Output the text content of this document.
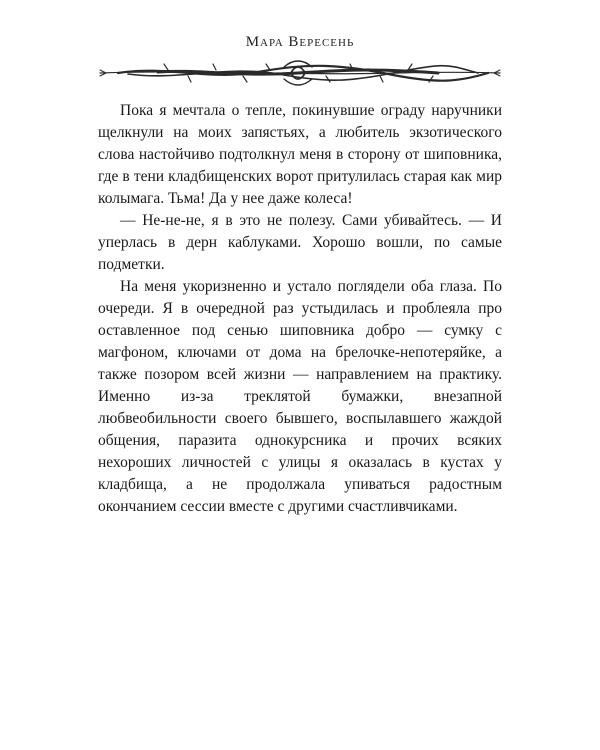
Мара Вересень

Пока я мечтала о тепле, покинувшие ограду наручники щелкнули на моих запястьях, а любитель экзотического слова настойчиво подтолкнул меня в сторону от шиповника, где в тени кладбищенских ворот притулилась старая как мир колымага. Тьма! Да у нее даже колеса!

— Не-не-не, я в это не полезу. Сами убивайтесь. — И уперлась в дерн каблуками. Хорошо вошли, по самые подметки.

На меня укоризненно и устало поглядели оба глаза. По очереди. Я в очередной раз устыдилась и проблеяла про оставленное под сенью шиповника добро — сумку с магфоном, ключами от дома на брелочке-непотеряйке, а также позором всей жизни — направлением на практику. Именно из-за треклятой бумажки, внезапной любвеобильности своего бывшего, воспылавшего жаждой общения, паразита однокурсника и прочих всяких нехороших личностей с улицы я оказалась в кустах у кладбища, а не продолжала упиваться радостным окончанием сессии вместе с другими счастливчиками.
